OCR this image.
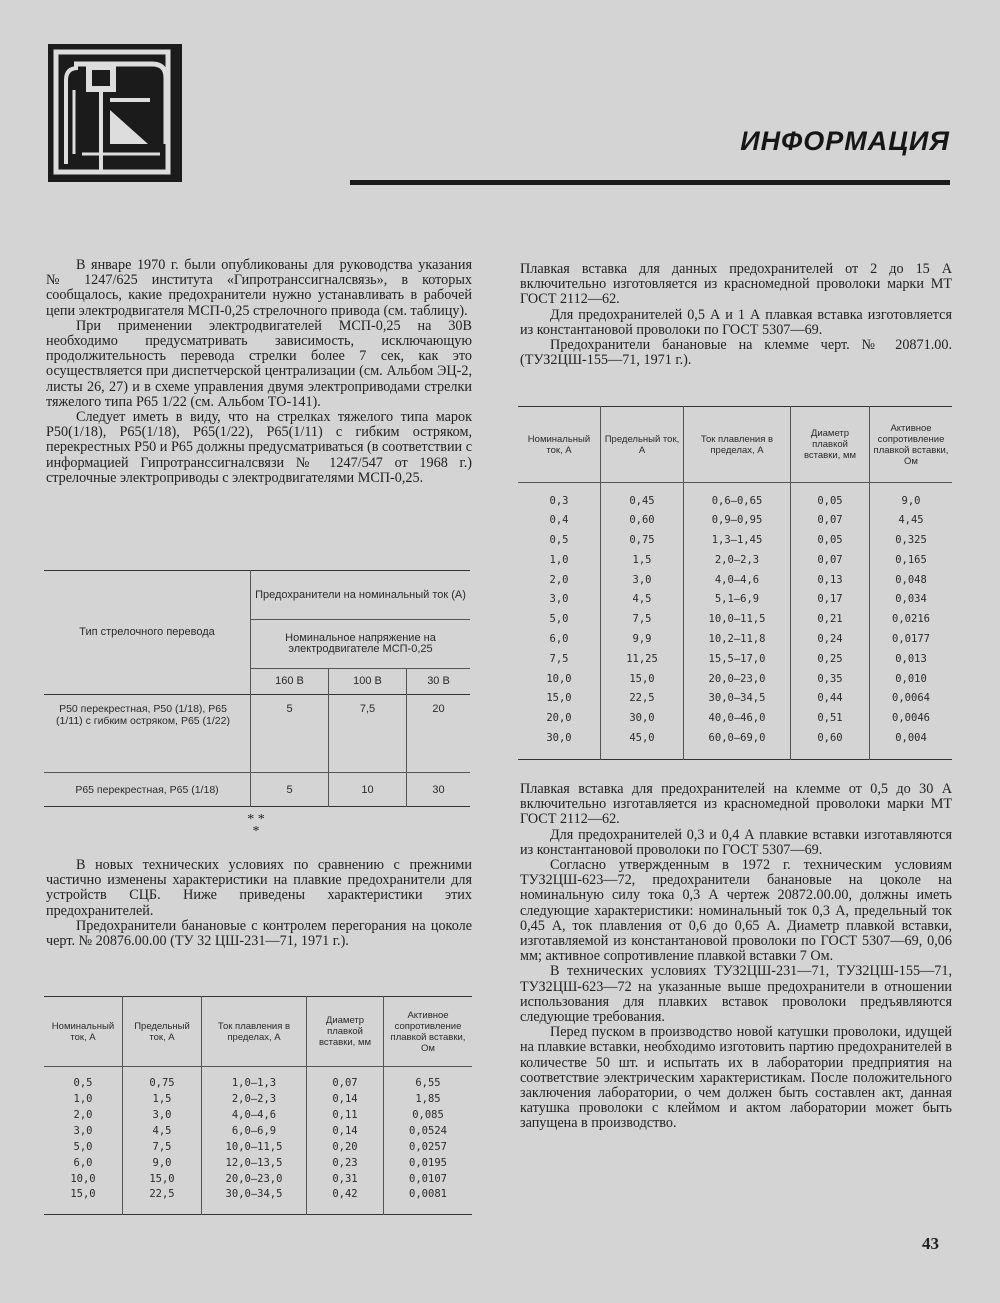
ИНФОРМАЦИЯ

В январе 1970 г. были опубликованы для руководства указания № 1247/625 института «Гипротранссигналсвязь», в которых сообщалось, какие предохранители нужно устанавливать в рабочей цепи электродвигателя МСП-0,25 стрелочного привода (см. таблицу).

При применении электродвигателей МСП-0,25 на 30В необходимо предусматривать зависимость, исключающую продолжительность перевода стрелки более 7 сек, как это осуществляется при диспетчерской централизации (см. Альбом ЭЦ-2, листы 26, 27) и в схеме управления двумя электроприводами стрелки тяжелого типа Р65 1/22 (см. Альбом ТО-141).

Следует иметь в виду, что на стрелках тяжелого типа марок Р50(1/18), Р65(1/18), Р65(1/22), Р65(1/11) с гибким остряком, перекрестных Р50 и Р65 должны предусматриваться (в соответствии с информацией Гипротранссигналсвязи № 1247/547 от 1968 г.) стрелочные электроприводы с электродвигателями МСП-0,25.

Тип стрелочного перевода	Предохранители на номинальный ток (А)		
	Номинальное напряжение на электродвигателе МСП-0,25		
	160 В	100 В	30 В
Р50 перекрестная, Р50 (1/18), Р65 (1/11) с гибким остряком, Р65 (1/22)	5	7,5	20
Р65 перекрестная, Р65 (1/18)	5	10	30
* *
*

В новых технических условиях по сравнению с прежними частично изменены характеристики на плавкие предохранители для устройств СЦБ. Ниже приведены характеристики этих предохранителей.

Предохранители банановые с контролем перегорания на цоколе черт. № 20876.00.00 (ТУ 32 ЦШ-231—71, 1971 г.).

Номинальный ток, А	Предельный ток, А	Ток плавления в пределах, А	Диаметр плавкой вставки, мм	Активное сопротивление плавкой вставки, Ом
0,5	0,75	1,0—1,3	0,07	6,55
1,0	1,5	2,0—2,3	0,14	1,85
2,0	3,0	4,0—4,6	0,11	0,085
3,0	4,5	6,0—6,9	0,14	0,0524
5,0	7,5	10,0—11,5	0,20	0,0257
6,0	9,0	12,0—13,5	0,23	0,0195
10,0	15,0	20,0—23,0	0,31	0,0107
15,0	22,5	30,0—34,5	0,42	0,0081

Плавкая вставка для данных предохранителей от 2 до 15 А включительно изготовляется из красномедной проволоки марки МТ ГОСТ 2112—62.

Для предохранителей 0,5 А и 1 А плавкая вставка изготовляется из константановой проволоки по ГОСТ 5307—69.

Предохранители банановые на клемме черт. № 20871.00. (ТУЗ2ЦШ-155—71, 1971 г.).

Номинальный ток, А	Предельный ток, А	Ток плавления в пределах, А	Диаметр плавкой вставки, мм	Активное сопротивление плавкой вставки, Ом
0,3	0,45	0,6—0,65	0,05	9,0
0,4	0,60	0,9—0,95	0,07	4,45
0,5	0,75	1,3—1,45	0,05	0,325
1,0	1,5	2,0—2,3	0,07	0,165
2,0	3,0	4,0—4,6	0,13	0,048
3,0	4,5	5,1—6,9	0,17	0,034
5,0	7,5	10,0—11,5	0,21	0,0216
6,0	9,9	10,2—11,8	0,24	0,0177
7,5	11,25	15,5—17,0	0,25	0,013
10,0	15,0	20,0—23,0	0,35	0,010
15,0	22,5	30,0—34,5	0,44	0,0064
20,0	30,0	40,0—46,0	0,51	0,0046
30,0	45,0	60,0—69,0	0,60	0,004

Плавкая вставка для предохранителей на клемме от 0,5 до 30 А включительно изготавляется из красномедной проволоки марки МТ ГОСТ 2112—62.

Для предохранителей 0,3 и 0,4 А плавкие вставки изготавляются из константановой проволоки по ГОСТ 5307—69.

Согласно утвержденным в 1972 г. техническим условиям ТУЗ2ЦШ-623—72, предохранители банановые на цоколе на номинальную силу тока 0,3 А чертеж 20872.00.00, должны иметь следующие характеристики: номинальный ток 0,3 А, предельный ток 0,45 А, ток плавления от 0,6 до 0,65 А. Диаметр плавкой вставки, изготавляемой из константановой проволоки по ГОСТ 5307—69, 0,06 мм; активное сопротивление плавкой вставки 7 Ом.

В технических условиях ТУЗ2ЦШ-231—71, ТУЗ2ЦШ-155—71, ТУЗ2ЦШ-623—72 на указанные выше предохранители в отношении использования для плавких вставок проволоки предъявляются следующие требования.

Перед пуском в производство новой катушки проволоки, идущей на плавкие вставки, необходимо изготовить партию предохранителей в количестве 50 шт. и испытать их в лаборатории предприятия на соответствие электрическим характеристикам. После положительного заключения лаборатории, о чем должен быть составлен акт, данная катушка проволоки с клеймом и актом лаборатории может быть запущена в производство.

43
